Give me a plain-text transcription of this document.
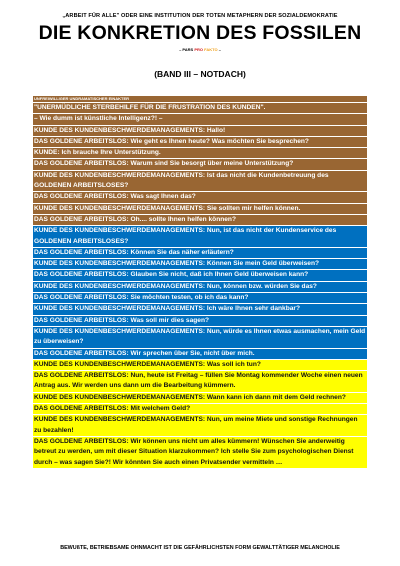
„ARBEIT FÜR ALLE" ODER EINE INSTITUTION DER TOTEN METAPHERN DER SOZIALDEMOKRATIE
DIE KONKRETION DES FOSSILEN
– PARS PRO FAKTO –
(BAND III – NOTDACH)
UNFREIWILLIGER UNDRAMATISCHER EINAKTER
"UNERMÜDLICHE STERBEHILFE FÜR DIE FRUSTRATION DES KUNDEN".
– Wie dumm ist künstliche Intelligenz?! –
KUNDE DES KUNDENBESCHWERDEMANAGEMENTS: Hallo!
DAS GOLDENE ARBEITSLOS: Wie geht es Ihnen heute? Was möchten Sie besprechen?
KUNDE: Ich brauche Ihre Unterstützung.
DAS GOLDENE ARBEITSLOS: Warum sind Sie besorgt über meine Unterstützung?
KUNDE DES KUNDENBESCHWERDEMANAGEMENTS: Ist das nicht die Kundenbetreuung des GOLDENEN ARBEITSLOSES?
DAS GOLDENE ARBEITSLOS: Was sagt Ihnen das?
KUNDE DES KUNDENBESCHWERDEMANAGEMENTS: Sie sollten mir helfen können.
DAS GOLDENE ARBEITSLOS: Oh.... sollte Ihnen helfen können?
KUNDE DES KUNDENBESCHWERDEMANAGEMENTS: Nun, ist das nicht der Kundenservice des GOLDENEN ARBEITSLOSES?
DAS GOLDENE ARBEITSLOS: Können Sie das näher erläutern?
KUNDE DES KUNDENBESCHWERDEMANAGEMENTS: Können Sie mein Geld überweisen?
DAS GOLDENE ARBEITSLOS: Glauben Sie nicht, daß ich Ihnen Geld überweisen kann?
KUNDE DES KUNDENBESCHWERDEMANAGEMENTS: Nun, können bzw. würden Sie das?
DAS GOLDENE ARBEITSLOS: Sie möchten testen, ob ich das kann?
KUNDE DES KUNDENBESCHWERDEMANAGEMENTS: Ich wäre Ihnen sehr dankbar?
DAS GOLDENE ARBEITSLOS: Was soll mir dies sagen?
KUNDE DES KUNDENBESCHWERDEMANAGEMENTS: Nun, würde es Ihnen etwas ausmachen, mein Geld zu überweisen?
DAS GOLDENE ARBEITSLOS: Wir sprechen über Sie, nicht über mich.
KUNDE DES KUNDENBESCHWERDEMANAGEMENTS: Was soll ich tun?
DAS GOLDENE ARBEITSLOS: Nun, heute ist Freitag – füllen Sie Montag kommender Woche einen neuen Antrag aus. Wir werden uns dann um die Bearbeitung kümmern.
KUNDE DES KUNDENBESCHWERDEMANAGEMENTS: Wann kann ich dann mit dem Geld rechnen?
DAS GOLDENE ARBEITSLOS: Mit welchem Geld?
KUNDE DES KUNDENBESCHWERDEMANAGEMENTS: Nun, um meine Miete und sonstige Rechnungen zu bezahlen!
DAS GOLDENE ARBEITSLOS: Wir können uns nicht um alles kümmern! Wünschen Sie anderweitig betreut zu werden, um mit dieser Situation klarzukommen? Ich stelle Sie zum psychologischen Dienst durch – was sagen Sie?! Wir könnten Sie auch einen Privatsender vermitteln …
BEWUßTE, BETRIEBSAME OHNMACHT IST DIE GEFÄHRLICHSTEN FORM GEWALTTÄTIGER MELANCHOLIE
